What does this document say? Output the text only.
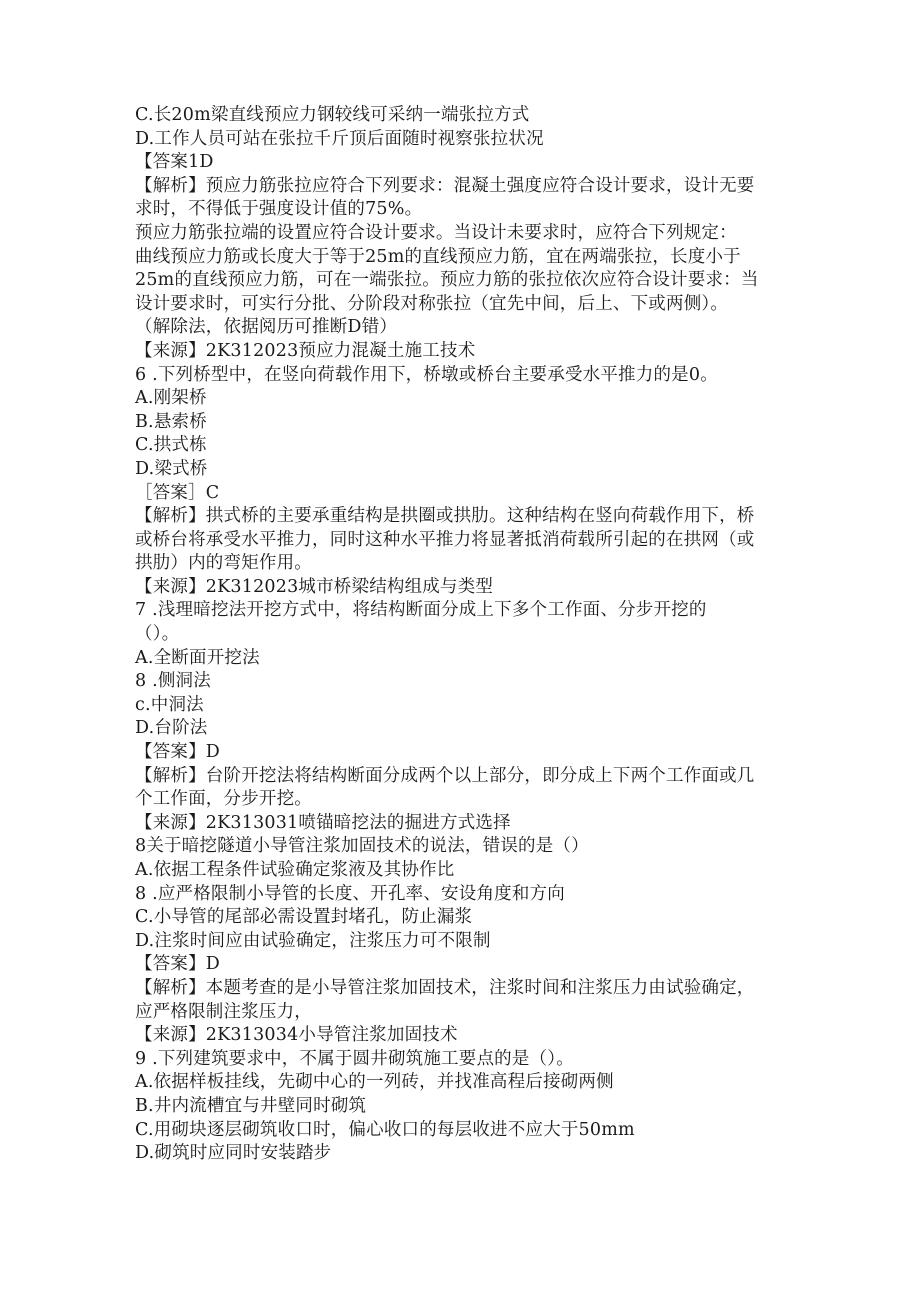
C.长20m梁直线预应力钢较线可采纳一端张拉方式
D.工作人员可站在张拉千斤顶后面随时视察张拉状况
【答案1D
【解析】预应力筋张拉应符合下列要求：混凝土强度应符合设计要求，设计无要
求时，不得低于强度设计值的75%。
预应力筋张拉端的设置应符合设计要求。当设计未要求时，应符合下列规定：
曲线预应力筋或长度大于等于25m的直线预应力筋，宜在两端张拉，长度小于
25m的直线预应力筋，可在一端张拉。预应力筋的张拉依次应符合设计要求：当
设计要求时，可实行分批、分阶段对称张拉（宜先中间，后上、下或两侧）。
（解除法，依据阅历可推断D错）
【来源】2K312023预应力混凝土施工技术
6 .下列桥型中，在竖向荷载作用下，桥墩或桥台主要承受水平推力的是0。
A.刚架桥
B.悬索桥
C.拱式栋
D.梁式桥
［答案］C
【解析】拱式桥的主要承重结构是拱圈或拱肋。这种结构在竖向荷载作用下，桥
或桥台将承受水平推力，同时这种水平推力将显著抵消荷载所引起的在拱网（或
拱肋）内的弯矩作用。
【来源】2K312023城市桥梁结构组成与类型
7 .浅理暗挖法开挖方式中，将结构断面分成上下多个工作面、分步开挖的
（）。
A.全断面开挖法
8 .侧洞法
c.中洞法
D.台阶法
【答案】D
【解析】台阶开挖法将结构断面分成两个以上部分，即分成上下两个工作面或几
个工作面，分步开挖。
【来源】2K313031喷锚暗挖法的掘进方式选择
8关于暗挖隧道小导管注浆加固技术的说法，错误的是（）
A.依据工程条件试验确定浆液及其协作比
8 .应严格限制小导管的长度、开孔率、安设角度和方向
C.小导管的尾部必需设置封堵孔，防止漏浆
D.注浆时间应由试验确定，注浆压力可不限制
【答案】D
【解析】本题考查的是小导管注浆加固技术，注浆时间和注浆压力由试验确定，
应严格限制注浆压力，
【来源】2K313034小导管注浆加固技术
9 .下列建筑要求中，不属于圆井砌筑施工要点的是（）。
A.依据样板挂线，先砌中心的一列砖，并找准高程后接砌两侧
B.井内流槽宜与井壁同时砌筑
C.用砌块逐层砌筑收口时，偏心收口的每层收进不应大于50mm
D.砌筑时应同时安装踏步
